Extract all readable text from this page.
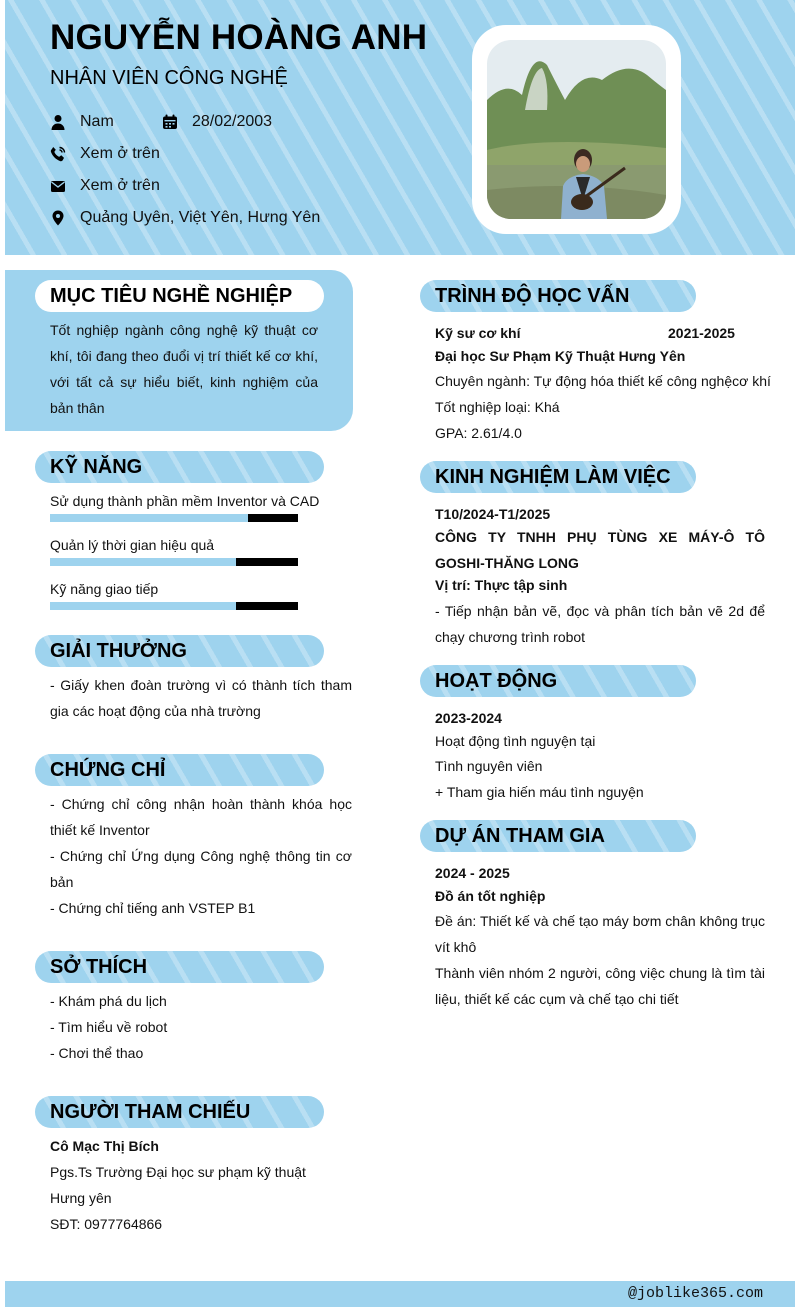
NGUYỄN HOÀNG ANH
NHÂN VIÊN CÔNG NGHỆ
Nam	28/02/2003
Xem ở trên
Xem ở trên
Quảng Uyên, Việt Yên, Hưng Yên
MỤC TIÊU NGHỀ NGHIỆP
Tốt nghiệp ngành công nghệ kỹ thuật cơ khí, tôi đang theo đuổi vị trí thiết kế cơ khí, với tất cả sự hiểu biết, kinh nghiệm của bản thân
KỸ NĂNG
Sử dụng thành phần mềm Inventor và CAD
Quản lý thời gian hiệu quả
Kỹ năng giao tiếp
GIẢI THƯỞNG
- Giấy khen đoàn trường vì có thành tích tham gia các hoạt động của nhà trường
CHỨNG CHỈ
- Chứng chỉ công nhận hoàn thành khóa học thiết kế Inventor
- Chứng chỉ Ứng dụng Công nghệ thông tin cơ bản
- Chứng chỉ tiếng anh VSTEP B1
SỞ THÍCH
- Khám phá du lịch
- Tìm hiểu về robot
- Chơi thể thao
NGƯỜI THAM CHIẾU
Cô Mạc Thị Bích
Pgs.Ts Trường Đại học sư phạm kỹ thuật Hưng yên
SĐT: 0977764866
TRÌNH ĐỘ HỌC VẤN
Kỹ sư cơ khí	2021-2025
Đại học Sư Phạm Kỹ Thuật Hưng Yên
Chuyên ngành: Tự động hóa thiết kế công nghệcơ khí
Tốt nghiệp loại: Khá
GPA: 2.61/4.0
KINH NGHIỆM LÀM VIỆC
T10/2024-T1/2025
CÔNG TY TNHH PHỤ TÙNG XE MÁY-Ô TÔ GOSHI-THĂNG LONG
Vị trí: Thực tập sinh
- Tiếp nhận bản vẽ, đọc và phân tích bản vẽ 2d để chạy chương trình robot
HOẠT ĐỘNG
2023-2024
Hoạt động tình nguyện tại
Tình nguyên viên
+ Tham gia hiến máu tình nguyện
DỰ ÁN THAM GIA
2024 - 2025
Đồ án tốt nghiệp
Đề án: Thiết kế và chế tạo máy bơm chân không trục vít khô
Thành viên nhóm 2 người, công việc chung là tìm tài liệu, thiết kế các cụm và chế tạo chi tiết
@joblike365.com
